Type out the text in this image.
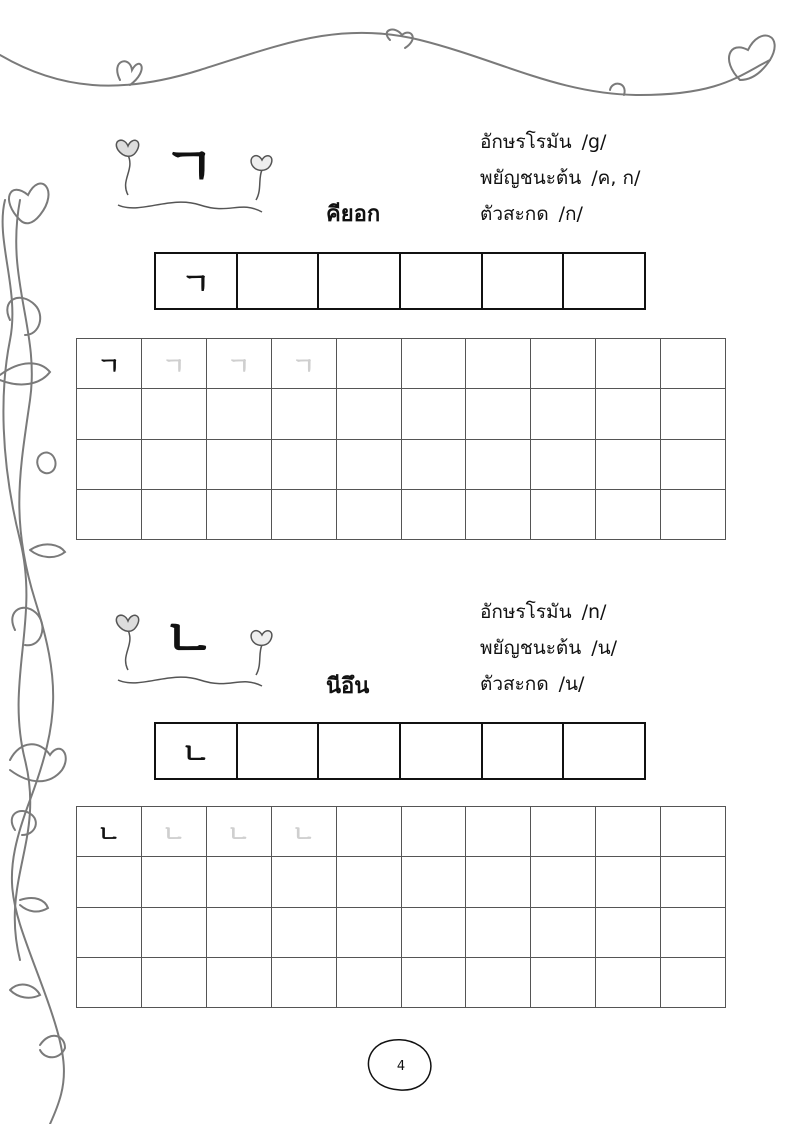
ㄱ
คียอก
อักษรโรมัน /g/
พยัญชนะต้น /ค, ก/
ตัวสะกด /ก/
ㄱ
ㄱ	ㄱ	ㄱ	ㄱ
ㄴ
นีอึน
อักษรโรมัน /n/
พยัญชนะต้น /น/
ตัวสะกด /น/
ㄴ
ㄴ	ㄴ	ㄴ	ㄴ
4
